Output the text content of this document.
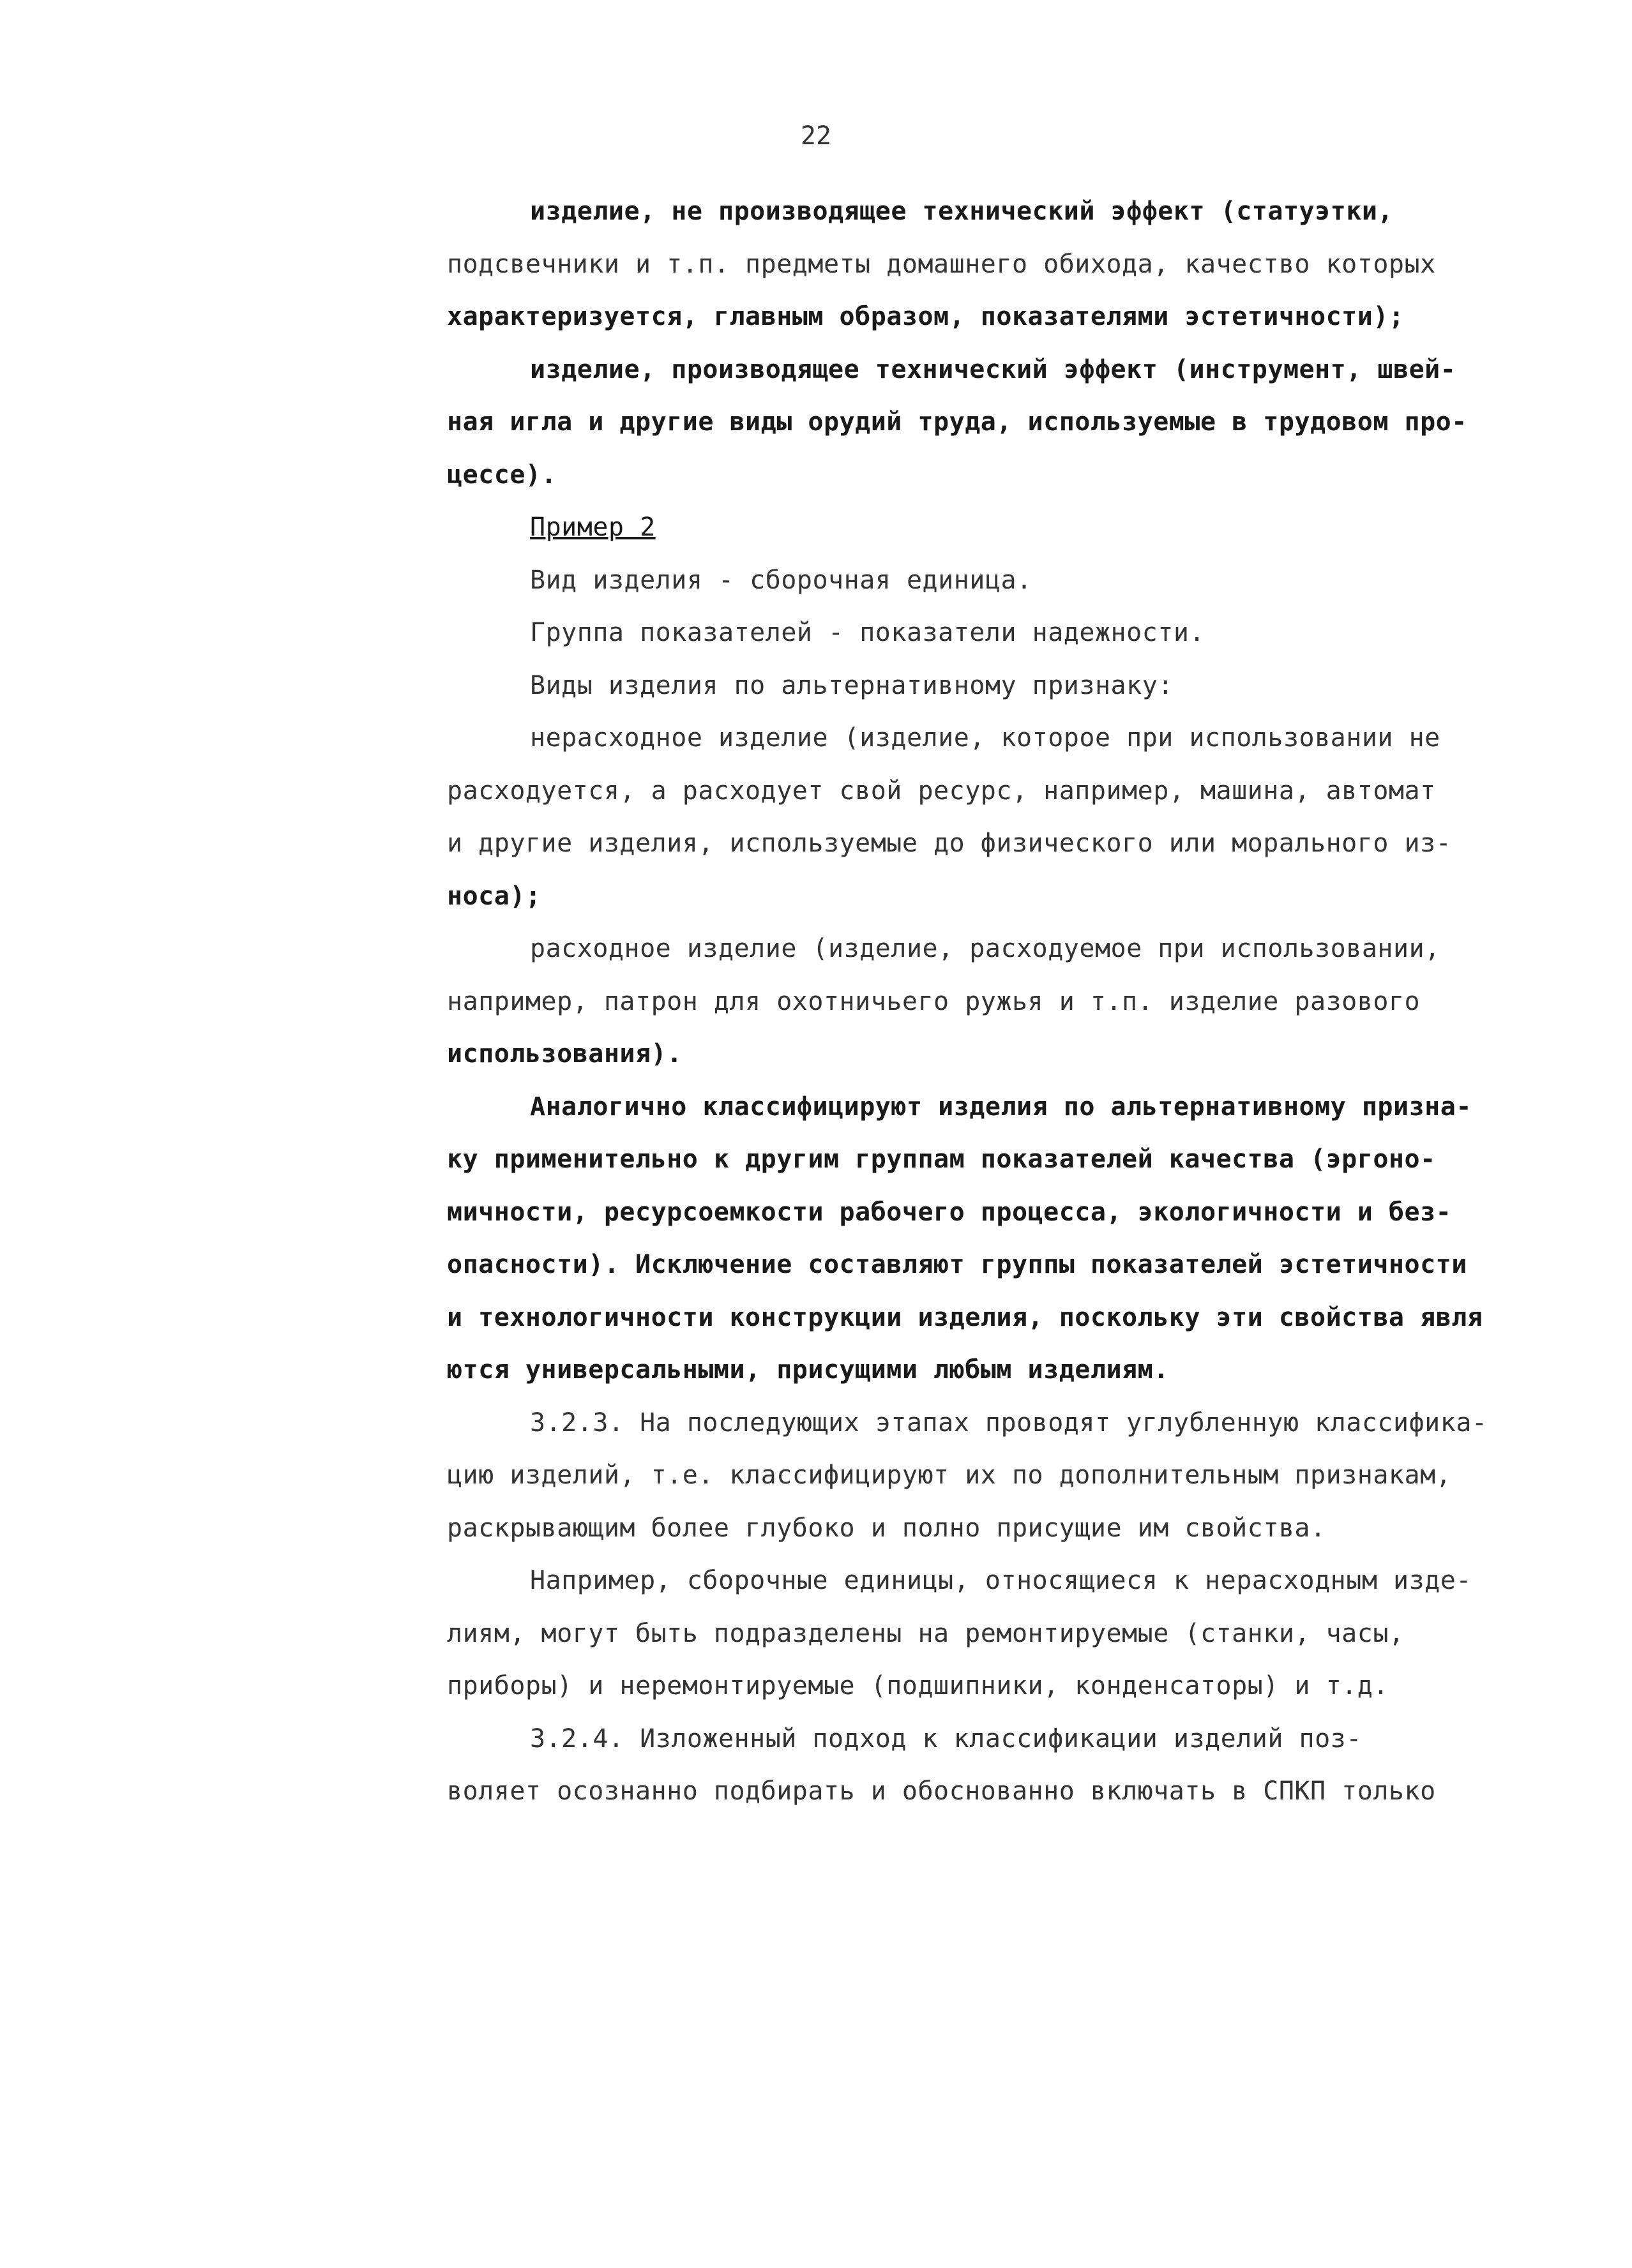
22
изделие, не производящее технический эффект (статуэтки,
подсвечники и т.п. предметы домашнего обихода, качество которых
характеризуется, главным образом, показателями эстетичности);
изделие, производящее технический эффект (инструмент, швей-
ная игла и другие виды орудий труда, используемые в трудовом про-
цессе).
Пример 2
Вид изделия - сборочная единица.
Группа показателей - показатели надежности.
Виды изделия по альтернативному признаку:
нерасходное изделие (изделие, которое при использовании не
расходуется, а расходует свой ресурс, например, машина, автомат
и другие изделия, используемые до физического или морального из-
носа);
расходное изделие (изделие, расходуемое при использовании,
например, патрон для охотничьего ружья и т.п. изделие разового
использования).
Аналогично классифицируют изделия по альтернативному призна-
ку применительно к другим группам показателей качества (эргоно-
мичности, ресурсоемкости рабочего процесса, экологичности и без-
опасности). Исключение составляют группы показателей эстетичности
и технологичности конструкции изделия, поскольку эти свойства явля
ются универсальными, присущими любым изделиям.
3.2.3. На последующих этапах проводят углубленную классифика-
цию изделий, т.е. классифицируют их по дополнительным признакам,
раскрывающим более глубоко и полно присущие им свойства.
Например, сборочные единицы, относящиеся к нерасходным изде-
лиям, могут быть подразделены на ремонтируемые (станки, часы,
приборы) и неремонтируемые (подшипники, конденсаторы) и т.д.
3.2.4. Изложенный подход к классификации изделий поз-
воляет осознанно подбирать и обоснованно включать в СПКП только
